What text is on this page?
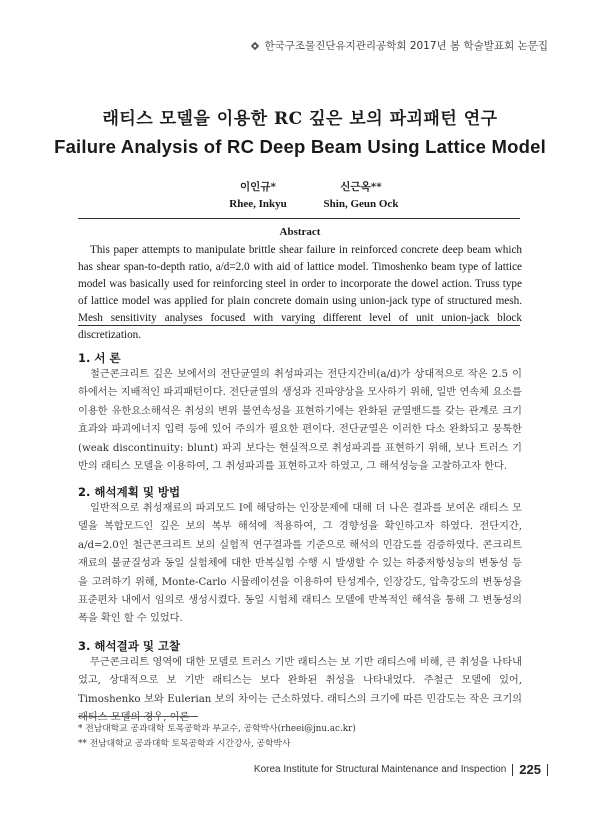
한국구조물진단유지관리공학회 2017년 봄 학술발표회 논문집
래티스 모델을 이용한 RC 깊은 보의 파괴패턴 연구
Failure Analysis of RC Deep Beam Using Lattice Model
이인규*
Rhee, Inkyu
신근옥**
Shin, Geun Ock
Abstract
This paper attempts to manipulate brittle shear failure in reinforced concrete deep beam which has shear span-to-depth ratio, a/d=2.0 with aid of lattice model. Timoshenko beam type of lattice model was basically used for reinforcing steel in order to incorporate the dowel action. Truss type of lattice model was applied for plain concrete domain using union-jack type of structured mesh. Mesh sensitivity analyses focused with varying different level of unit union-jack block discretization.
1. 서 론

철근콘크리트 깊은 보에서의 전단균열의 취성파괴는 전단지간비(a/d)가 상대적으로 작은 2.5 이하에서는 지배적인 파괴패턴이다. 전단균열의 생성과 진파양상을 모사하기 위해, 일반 연속체 요소를 이용한 유한요소해석은 취성의 변위 불연속성을 표현하기에는 완화된 균열밴드를 갖는 관계로 크기효과와 파괴에너지 입력 등에 있어 주의가 필요한 편이다. 전단균열은 이러한 다소 완화되고 뭉툭한(weak discontinuity: blunt) 파괴 보다는 현실적으로 취성파괴를 표현하기 위해, 보나 트러스 기반의 래티스 모델을 이용하여, 그 취성파괴를 표현하고자 하였고, 그 해석성능을 고찰하고자 한다.

2. 해석계획 및 방법

일반적으로 취성재료의 파괴모드 I에 해당하는 인장문제에 대해 더 나은 결과를 보여온 래티스 모델을 복합모드인 깊은 보의 복부 해석에 적용하여, 그 경향성을 확인하고자 하였다. 전단지간, a/d=2.0인 철근콘크리트 보의 실험적 연구결과를 기준으로 해석의 민감도를 검증하였다. 콘크리트 재료의 불균질성과 동일 실험체에 대한 반복실험 수행 시 발생할 수 있는 하중저항성능의 변동성 등을 고려하기 위해, Monte-Carlo 시뮬레이션을 이용하여 탄성계수, 인장강도, 압축강도의 변동성을 표준편차 내에서 임의로 생성시켰다. 동일 시험체 래티스 모델에 반복적인 해석을 통해 그 변동성의 폭을 확인 할 수 있었다.

3. 해석결과 및 고찰

무근콘크리트 영역에 대한 모델로 트러스 기반 래티스는 보 기반 래티스에 비해, 큰 취성을 나타내었고, 상대적으로 보 기반 래티스는 보다 완화된 취성을 나타내었다. 주철근 모델에 있어, Timoshenko 보와 Eulerian 보의 차이는 근소하였다. 래티스의 크기에 따른 민감도는 작은 크기의 래티스 모델의 경우, 이론

* 전남대학교 공과대학 토목공학과 부교수, 공학박사(rheei@jnu.ac.kr)
** 전남대학교 공과대학 토목공학과 시간강사, 공학박사
Korea Institute for Structural Maintenance and Inspection 225
